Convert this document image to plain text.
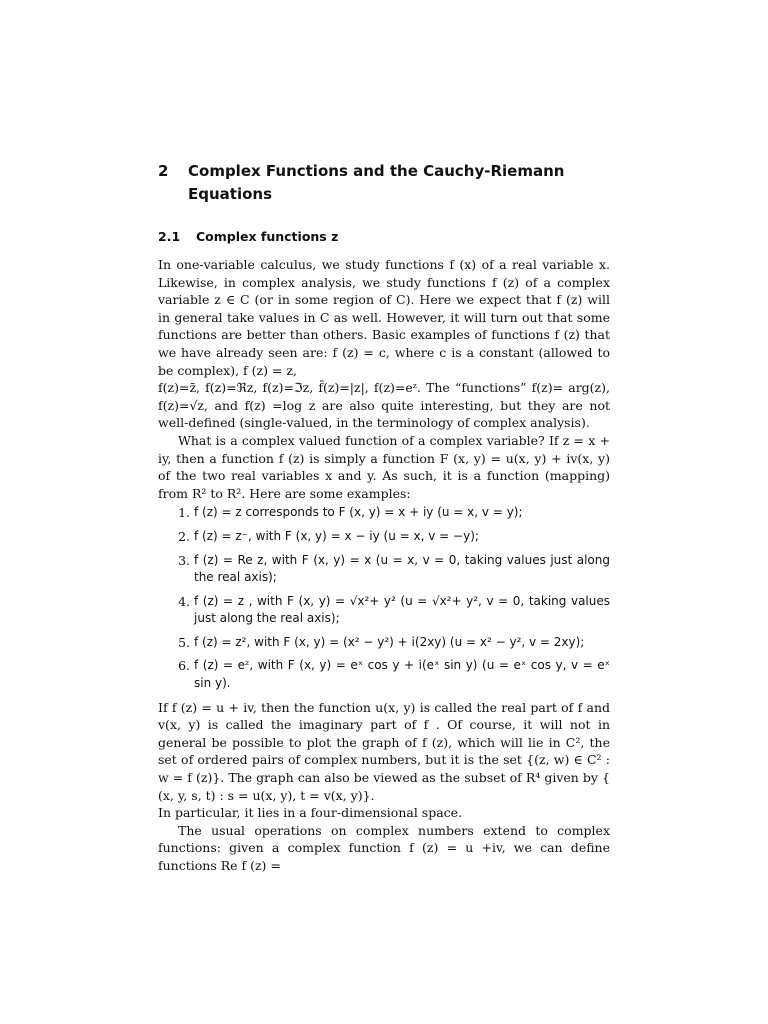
2	Complex Functions and the Cauchy-Riemann Equations
2.1	Complex functions z

In one-variable calculus, we study functions f (x) of a real variable x. Likewise, in complex analysis, we study functions f (z) of a complex variable z ∈ C (or in some region of C). Here we expect that f (z) will in general take values in C as well. However, it will turn out that some functions are better than others. Basic examples of functions f (z) that we have already seen are: f (z) = c, where c is a constant (allowed to be complex), f (z) = z,

f(z)=z̄, f(z)=ℜz, f(z)=ℑz, f̄(z)=|z|, f(z)=eᶻ. The “functions” f(z)= arg(z), f(z)=√z, and f(z) =log z are also quite interesting, but they are not well-defined (single-valued, in the terminology of complex analysis).

What is a complex valued function of a complex variable? If z = x + iy, then a function f (z) is simply a function F (x, y) = u(x, y) + iv(x, y) of the two real variables x and y. As such, it is a function (mapping) from R² to R². Here are some examples:

1. f (z) = z corresponds to F (x, y) = x + iy (u = x, v = y);
2. f (z) = z⁻, with F (x, y) = x − iy (u = x, v = −y);
3. f (z) = Re z, with F (x, y) = x (u = x, v = 0, taking values just along the real axis);
4. f (z) = z , with F (x, y) = √x²+ y² (u = √x²+ y², v = 0, taking values just along the real axis);
5. f (z) = z², with F (x, y) = (x² − y²) + i(2xy) (u = x² − y², v = 2xy);
6. f (z) = eᶻ, with F (x, y) = eˣ cos y + i(eˣ sin y) (u = eˣ cos y, v = eˣ sin y).

If f (z) = u + iv, then the function u(x, y) is called the real part of f and v(x, y) is called the imaginary part of f . Of course, it will not in general be possible to plot the graph of f (z), which will lie in C², the set of ordered pairs of complex numbers, but it is the set {(z, w) ∈ C² : w = f (z)}. The graph can also be viewed as the subset of R⁴ given by { (x, y, s, t) : s = u(x, y), t = v(x, y)}.

In particular, it lies in a four-dimensional space.

The usual operations on complex numbers extend to complex functions: given a complex function f (z) = u +iv, we can define functions Re f (z) =
